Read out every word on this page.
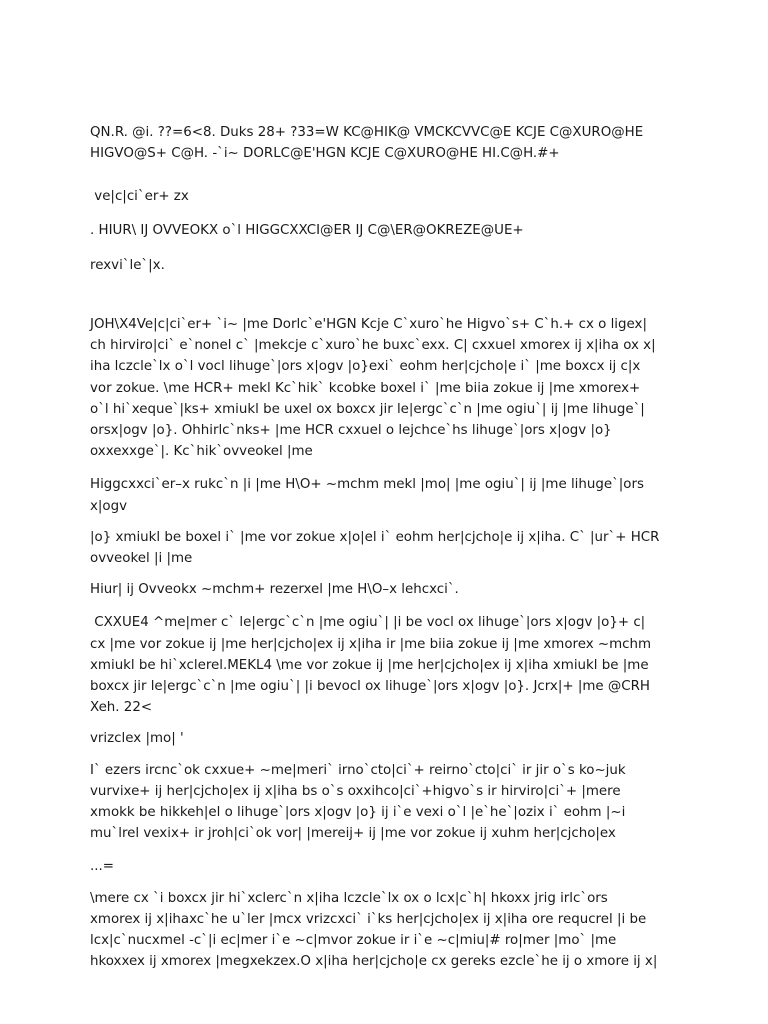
QN.R. @i. ??=6<8. Duks 28+ ?33=W KC@HIK@ VMCKCVVC@E KCJE C@XURO@HE HIGVO@S+ C@H. -`i~ DORLC@E'HGN KCJE C@XURO@HE HI.C@H.#+

ve|c|ci`er+ zx

. HIUR\ IJ OVVEOKX o`l HIGGCXXCI@ER IJ C@\ER@OKREZE@UE+

rexvi`le`|x.

JOH\X4Ve|c|ci`er+ `i~ |me Dorlc`e'HGN Kcje C`xuro`he Higvo`s+ C`h.+ cx o ligex|
ch hirviro|ci` e`nonel c` |mekcje c`xuro`he buxc`exx. C| cxxuel xmorex ij x|iha ox x|
iha lczcle`lx o`l vocl lihuge`|ors x|ogv |o}exi` eohm her|cjcho|e i` |me boxcx ij c|x
vor zokue. \me HCR+ mekl Kc`hik` kcobke boxel i` |me biia zokue ij |me xmorex+
o`l hi`xeque`|ks+ xmiukl be uxel ox boxcx jir le|ergc`c`n |me ogiu`| ij |me lihuge`|
orsx|ogv |o}. Ohhirlc`nks+ |me HCR cxxuel o lejchce`hs lihuge`|ors x|ogv |o}
oxxexxge`|. Kc`hik`ovveokel |me

Higgcxxci`er–x rukc`n |i |me H\O+ ~mchm mekl |mo| |me ogiu`| ij |me lihuge`|ors
x|ogv

|o} xmiukl be boxel i` |me vor zokue x|o|el i` eohm her|cjcho|e ij x|iha. C` |ur`+ HCR
ovveokel |i |me

Hiur| ij Ovveokx ~mchm+ rezerxel |me H\O–x lehcxci`.

CXXUE4 ^me|mer c` le|ergc`c`n |me ogiu`| |i be vocl ox lihuge`|ors x|ogv |o}+ c|
cx |me vor zokue ij |me her|cjcho|ex ij x|iha ir |me biia zokue ij |me xmorex ~mchm
xmiukl be hi`xclerel.MEKL4 \me vor zokue ij |me her|cjcho|ex ij x|iha xmiukl be |me
boxcx jir le|ergc`c`n |me ogiu`| |i bevocl ox lihuge`|ors x|ogv |o}. Jcrx|+ |me @CRH
Xeh. 22<

vrizclex |mo| '

I` ezers ircnc`ok cxxue+ ~me|meri` irno`cto|ci`+ reirno`cto|ci` ir jir o`s ko~juk
vurvixe+ ij her|cjcho|ex ij x|iha bs o`s oxxihco|ci`+higvo`s ir hirviro|ci`+ |mere
xmokk be hikkeh|el o lihuge`|ors x|ogv |o} ij i`e vexi o`l |e`he`|ozix i` eohm |~i
mu`lrel vexix+ ir jroh|ci`ok vor| |mereij+ ij |me vor zokue ij xuhm her|cjcho|ex

...=

\mere cx `i boxcx jir hi`xclerc`n x|iha lczcle`lx ox o lcx|c`h| hkoxx jrig irlc`ors
xmorex ij x|ihaxc`he u`ler |mcx vrizcxci` i`ks her|cjcho|ex ij x|iha ore requcrel |i be
lcx|c`nucxmel -c`|i ec|mer i`e ~c|mvor zokue ir i`e ~c|miu|# ro|mer |mo` |me
hkoxxex ij xmorex |megxekzex.O x|iha her|cjcho|e cx gereks ezcle`he ij o xmore ij x|
